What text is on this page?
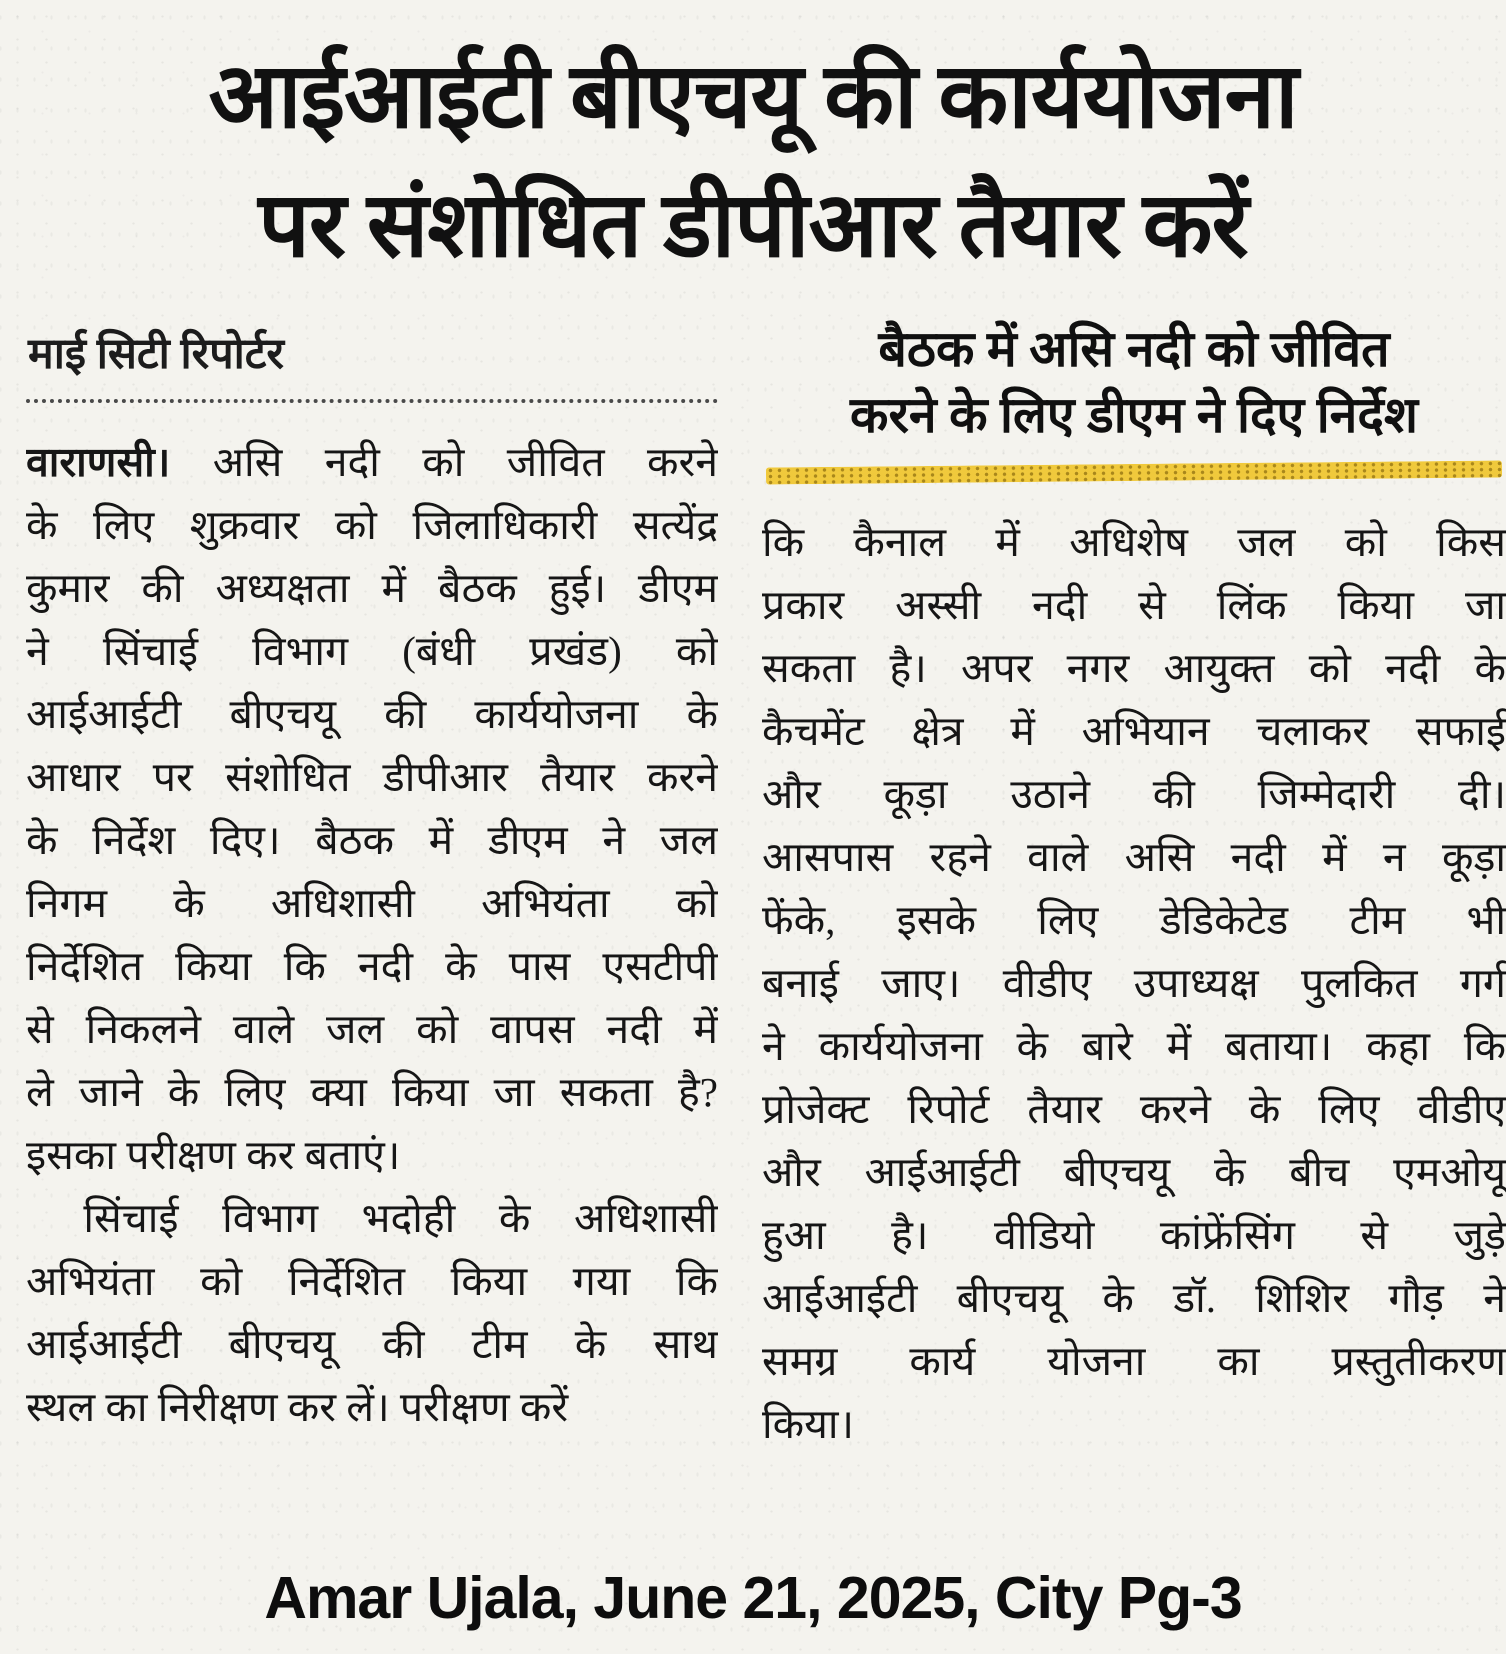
आईआईटी बीएचयू की कार्ययोजना
पर संशोधित डीपीआर तैयार करें
माई सिटी रिपोर्टर
वाराणसी। असि नदी को जीवित करने
के लिए शुक्रवार को जिलाधिकारी सत्येंद्र
कुमार की अध्यक्षता में बैठक हुई। डीएम
ने सिंचाई विभाग (बंधी प्रखंड) को
आईआईटी बीएचयू की कार्ययोजना के
आधार पर संशोधित डीपीआर तैयार करने
के निर्देश दिए। बैठक में डीएम ने जल
निगम के अधिशासी अभियंता को
निर्देशित किया कि नदी के पास एसटीपी
से निकलने वाले जल को वापस नदी में
ले जाने के लिए क्या किया जा सकता है?
इसका परीक्षण कर बताएं।
सिंचाई विभाग भदोही के अधिशासी
अभियंता को निर्देशित किया गया कि
आईआईटी बीएचयू की टीम के साथ
स्थल का निरीक्षण कर लें। परीक्षण करें
बैठक में असि नदी को जीवित
करने के लिए डीएम ने दिए निर्देश
कि कैनाल में अधिशेष जल को किस
प्रकार अस्सी नदी से लिंक किया जा
सकता है। अपर नगर आयुक्त को नदी के
कैचमेंट क्षेत्र में अभियान चलाकर सफाई
और कूड़ा उठाने की जिम्मेदारी दी।
आसपास रहने वाले असि नदी में न कूड़ा
फेंके, इसके लिए डेडिकेटेड टीम भी
बनाई जाए। वीडीए उपाध्यक्ष पुलकित गर्ग
ने कार्ययोजना के बारे में बताया। कहा कि
प्रोजेक्ट रिपोर्ट तैयार करने के लिए वीडीए
और आईआईटी बीएचयू के बीच एमओयू
हुआ है। वीडियो कांफ्रेंसिंग से जुड़े
आईआईटी बीएचयू के डॉ. शिशिर गौड़ ने
समग्र कार्य योजना का प्रस्तुतीकरण
किया।
Amar Ujala, June 21, 2025, City Pg-3
